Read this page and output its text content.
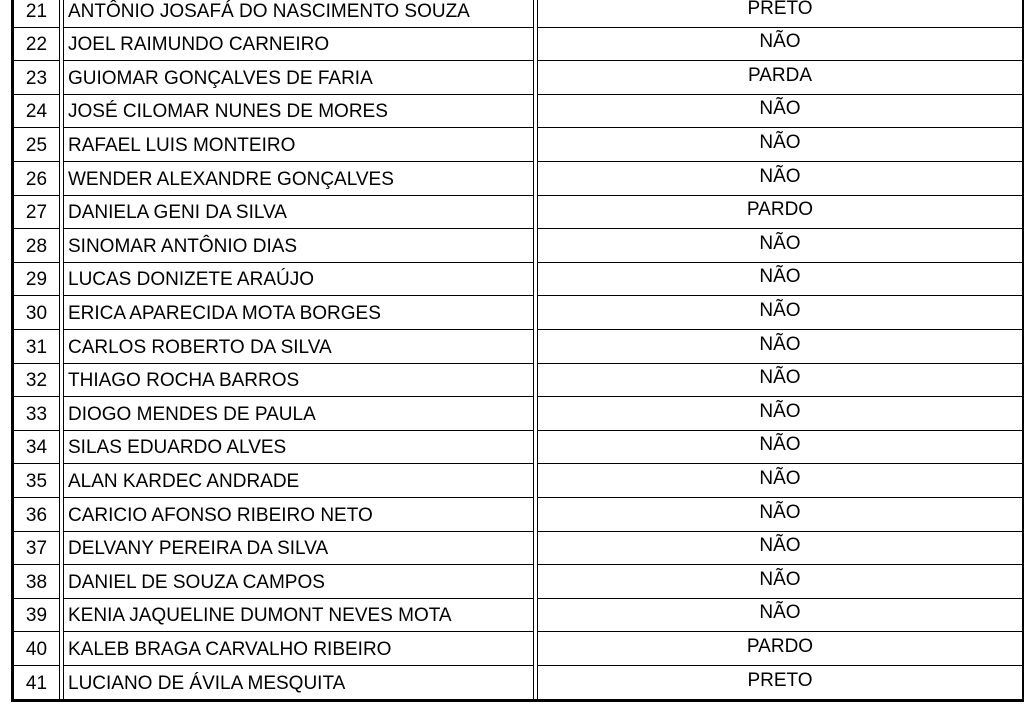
21	ANTÔNIO JOSAFÁ DO NASCIMENTO SOUZA	PRETO
22	JOEL RAIMUNDO CARNEIRO	NÃO
23	GUIOMAR GONÇALVES DE FARIA	PARDA
24	JOSÉ CILOMAR NUNES DE MORES	NÃO
25	RAFAEL LUIS MONTEIRO	NÃO
26	WENDER ALEXANDRE GONÇALVES	NÃO
27	DANIELA GENI DA SILVA	PARDO
28	SINOMAR ANTÔNIO DIAS	NÃO
29	LUCAS DONIZETE ARAÚJO	NÃO
30	ERICA APARECIDA MOTA BORGES	NÃO
31	CARLOS ROBERTO DA SILVA	NÃO
32	THIAGO ROCHA BARROS	NÃO
33	DIOGO MENDES DE PAULA	NÃO
34	SILAS EDUARDO ALVES	NÃO
35	ALAN KARDEC ANDRADE	NÃO
36	CARICIO AFONSO RIBEIRO NETO	NÃO
37	DELVANY PEREIRA DA SILVA	NÃO
38	DANIEL DE SOUZA CAMPOS	NÃO
39	KENIA JAQUELINE DUMONT NEVES MOTA	NÃO
40	KALEB BRAGA CARVALHO RIBEIRO	PARDO
41	LUCIANO DE ÁVILA MESQUITA	PRETO
